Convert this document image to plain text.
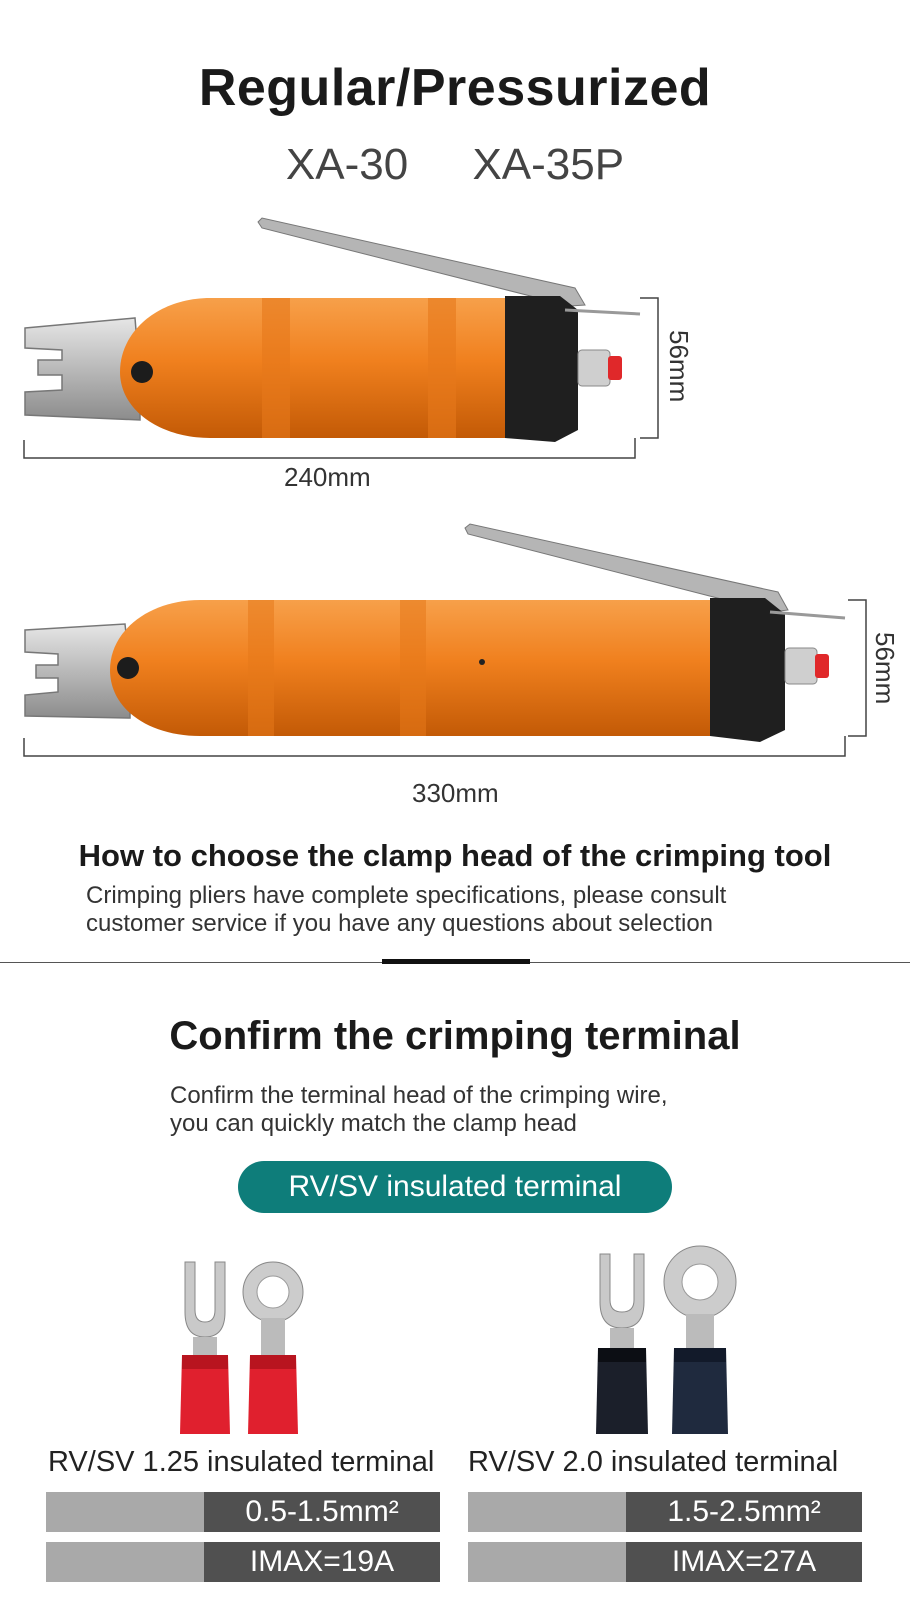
Regular/Pressurized
XA-30 XA-35P
240mm
56mm
330mm
56mm
How to choose the clamp head of the crimping tool
Crimping pliers have complete specifications, please consult
customer service if you have any questions about selection
Confirm the crimping terminal
Confirm the terminal head of the crimping wire,
you can quickly match the clamp head
RV/SV insulated terminal
RV/SV 1.25 insulated terminal RV/SV 2.0 insulated terminal
0.5-1.5mm²
IMAX=19A
1.5-2.5mm²
IMAX=27A
